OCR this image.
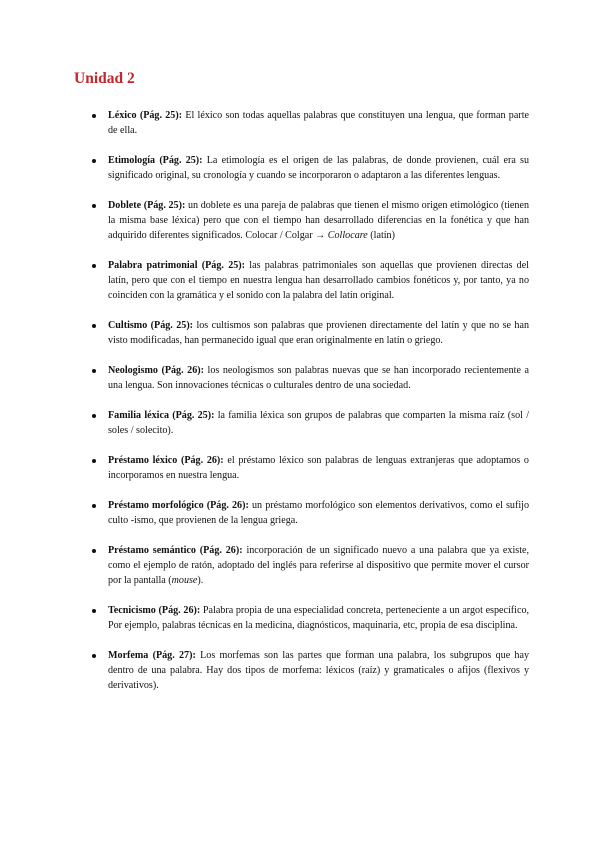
Unidad 2
Léxico (Pág. 25): El léxico son todas aquellas palabras que constituyen una lengua, que forman parte de ella.
Etimología (Pág. 25): La etimología es el origen de las palabras, de donde provienen, cuál era su significado original, su cronología y cuando se incorporaron o adaptaron a las diferentes lenguas.
Doblete (Pág. 25): un doblete es una pareja de palabras que tienen el mismo origen etimológico (tienen la misma base léxica) pero que con el tiempo han desarrollado diferencias en la fonética y que han adquirido diferentes significados. Colocar / Colgar → Collocare (latín)
Palabra patrimonial (Pág. 25): las palabras patrimoniales son aquellas que provienen directas del latín, pero que con el tiempo en nuestra lengua han desarrollado cambios fonéticos y, por tanto, ya no coinciden con la gramática y el sonido con la palabra del latín original.
Cultismo (Pág. 25): los cultismos son palabras que provienen directamente del latín y que no se han visto modificadas, han permanecido igual que eran originalmente en latín o griego.
Neologismo (Pág. 26): los neologismos son palabras nuevas que se han incorporado recientemente a una lengua. Son innovaciones técnicas o culturales dentro de una sociedad.
Familia léxica (Pág. 25): la familia léxica son grupos de palabras que comparten la misma raíz (sol / soles / solecito).
Préstamo léxico (Pág. 26): el préstamo léxico son palabras de lenguas extranjeras que adoptamos o incorporamos en nuestra lengua.
Préstamo morfológico (Pág. 26): un préstamo morfológico son elementos derivativos, como el sufijo culto -ismo, que provienen de la lengua griega.
Préstamo semántico (Pág. 26): incorporación de un significado nuevo a una palabra que ya existe, como el ejemplo de ratón, adoptado del inglés para referirse al dispositivo que permite mover el cursor por la pantalla (mouse).
Tecnicismo (Pág. 26): Palabra propia de una especialidad concreta, perteneciente a un argot específico, Por ejemplo, palabras técnicas en la medicina, diagnósticos, maquinaria, etc, propia de esa disciplina.
Morfema (Pág. 27): Los morfemas son las partes que forman una palabra, los subgrupos que hay dentro de una palabra. Hay dos tipos de morfema: léxicos (raíz) y gramaticales o afijos (flexivos y derivativos).
